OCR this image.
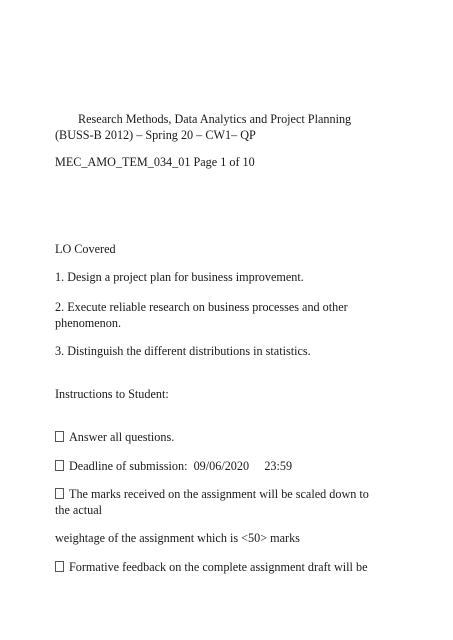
Research Methods, Data Analytics and Project Planning
(BUSS-B 2012) – Spring 20 – CW1– QP
MEC_AMO_TEM_034_01 Page 1 of 10
LO Covered
1. Design a project plan for business improvement.
2. Execute reliable research on business processes and other
phenomenon.
3. Distinguish the different distributions in statistics.
Instructions to Student:
Answer all questions.
Deadline of submission:  09/06/2020     23:59
The marks received on the assignment will be scaled down to
the actual
weightage of the assignment which is <50> marks
Formative feedback on the complete assignment draft will be
